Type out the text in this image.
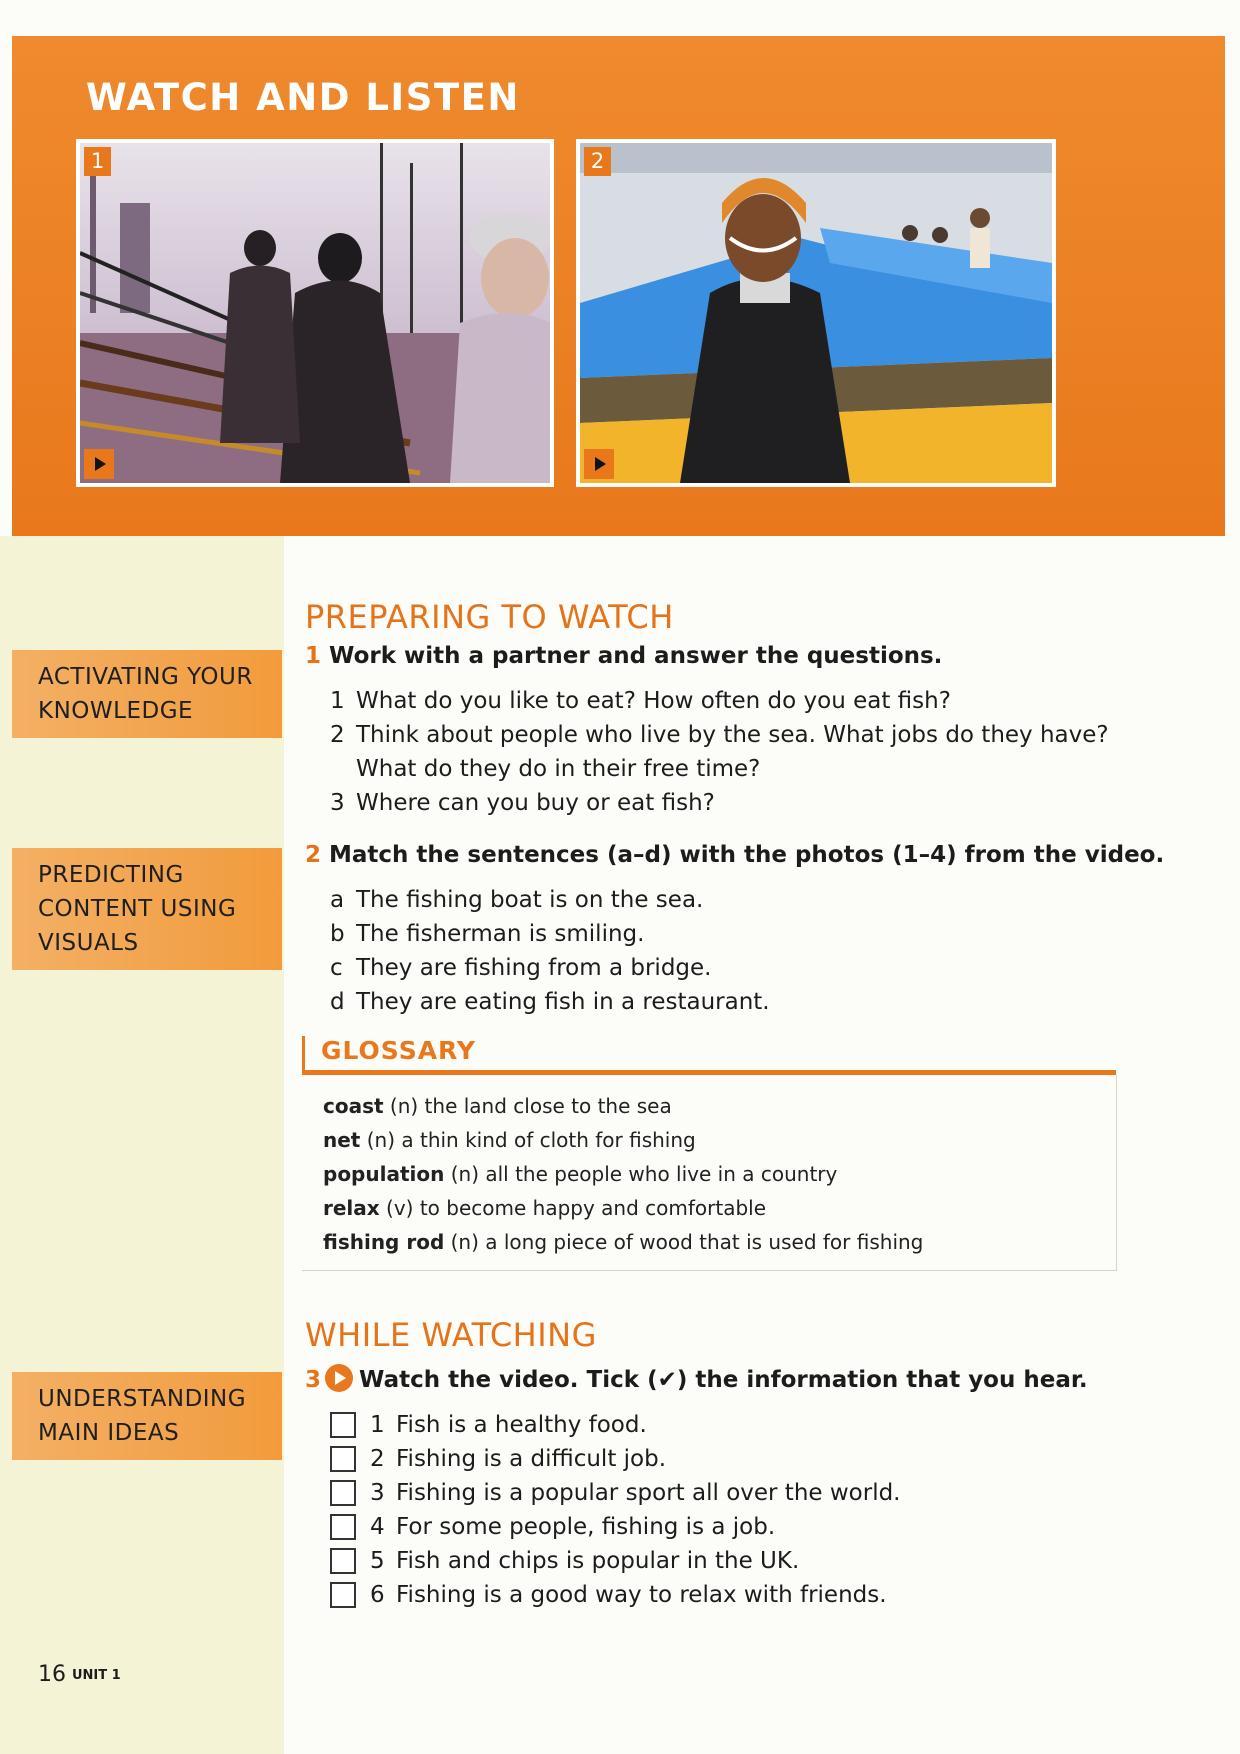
WATCH AND LISTEN
1	2
ACTIVATING YOUR
KNOWLEDGE
PREDICTING
CONTENT USING
VISUALS
UNDERSTANDING
MAIN IDEAS
PREPARING TO WATCH
1 Work with a partner and answer the questions.
1 What do you like to eat? How often do you eat fish?
2 Think about people who live by the sea. What jobs do they have?
What do they do in their free time?
3 Where can you buy or eat fish?
2 Match the sentences (a–d) with the photos (1–4) from the video.
a The fishing boat is on the sea.
b The fisherman is smiling.
c They are fishing from a bridge.
d They are eating fish in a restaurant.
GLOSSARY
coast (n) the land close to the sea
net (n) a thin kind of cloth for fishing
population (n) all the people who live in a country
relax (v) to become happy and comfortable
fishing rod (n) a long piece of wood that is used for fishing
WHILE WATCHING
3 Watch the video. Tick (✔) the information that you hear.
1 Fish is a healthy food.
2 Fishing is a difficult job.
3 Fishing is a popular sport all over the world.
4 For some people, fishing is a job.
5 Fish and chips is popular in the UK.
6 Fishing is a good way to relax with friends.
16 UNIT 1
